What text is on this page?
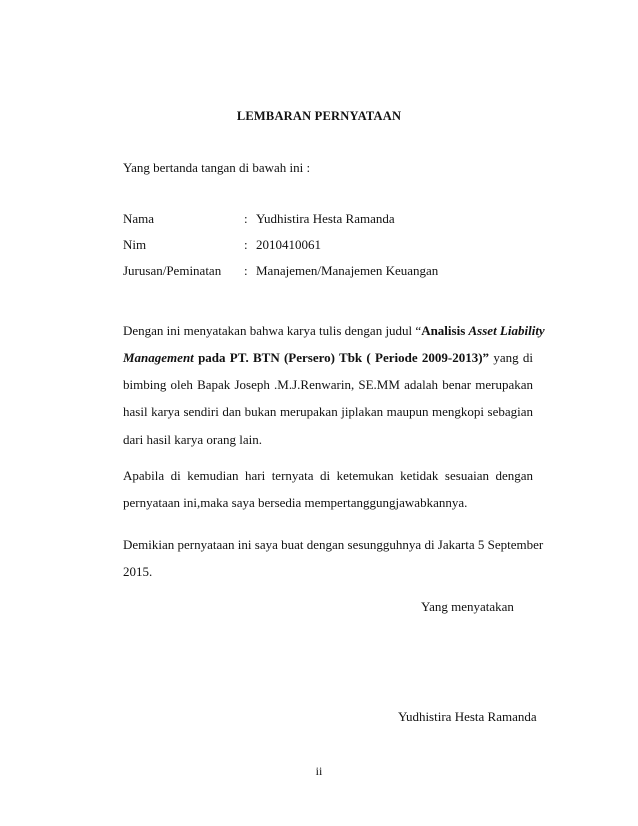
LEMBARAN PERNYATAAN
Yang bertanda tangan di bawah ini :
Nama	: Yudhistira Hesta Ramanda
Nim	: 2010410061
Jurusan/Peminatan : Manajemen/Manajemen Keuangan
Dengan ini menyatakan bahwa karya tulis dengan judul “Analisis Asset Liability
Management pada PT. BTN (Persero) Tbk ( Periode 2009-2013)” yang di
bimbing oleh Bapak Joseph .M.J.Renwarin, SE.MM adalah benar merupakan
hasil karya sendiri dan bukan merupakan jiplakan maupun mengkopi sebagian
dari hasil karya orang lain.
Apabila di kemudian hari ternyata di ketemukan ketidak sesuaian dengan
pernyataan ini,maka saya bersedia mempertanggungjawabkannya.
Demikian pernyataan ini saya buat dengan sesungguhnya di Jakarta 5 September
2015.
Yang menyatakan
Yudhistira Hesta Ramanda
ii
